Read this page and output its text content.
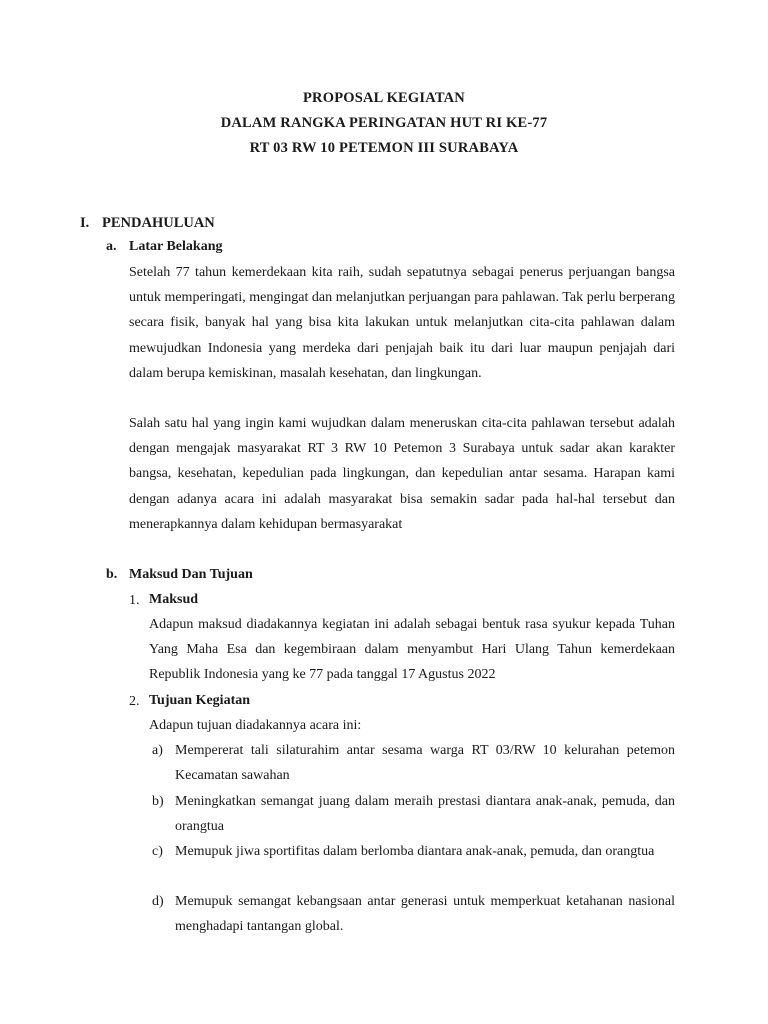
PROPOSAL KEGIATAN
DALAM RANGKA PERINGATAN HUT RI KE-77
RT 03 RW 10 PETEMON III SURABAYA
I. PENDAHULUAN
a. Latar Belakang
Setelah 77 tahun kemerdekaan kita raih, sudah sepatutnya sebagai penerus perjuangan bangsa untuk memperingati, mengingat dan melanjutkan perjuangan para pahlawan. Tak perlu berperang secara fisik, banyak hal yang bisa kita lakukan untuk melanjutkan cita-cita pahlawan dalam mewujudkan Indonesia yang merdeka dari penjajah baik itu dari luar maupun penjajah dari dalam berupa kemiskinan, masalah kesehatan, dan lingkungan.
Salah satu hal yang ingin kami wujudkan dalam meneruskan cita-cita pahlawan tersebut adalah dengan mengajak masyarakat RT 3 RW 10 Petemon 3 Surabaya untuk sadar akan karakter bangsa, kesehatan, kepedulian pada lingkungan, dan kepedulian antar sesama. Harapan kami dengan adanya acara ini adalah masyarakat bisa semakin sadar pada hal-hal tersebut dan menerapkannya dalam kehidupan bermasyarakat
b. Maksud Dan Tujuan
1. Maksud
Adapun maksud diadakannya kegiatan ini adalah sebagai bentuk rasa syukur kepada Tuhan Yang Maha Esa dan kegembiraan dalam menyambut Hari Ulang Tahun kemerdekaan Republik Indonesia yang ke 77 pada tanggal 17 Agustus 2022
2. Tujuan Kegiatan
Adapun tujuan diadakannya acara ini:
a) Mempererat tali silaturahim antar sesama warga RT 03/RW 10 kelurahan petemon Kecamatan sawahan
b) Meningkatkan semangat juang dalam meraih prestasi diantara anak-anak, pemuda, dan orangtua
c) Memupuk jiwa sportifitas dalam berlomba diantara anak-anak, pemuda, dan orangtua
d) Memupuk semangat kebangsaan antar generasi untuk memperkuat ketahanan nasional menghadapi tantangan global.
